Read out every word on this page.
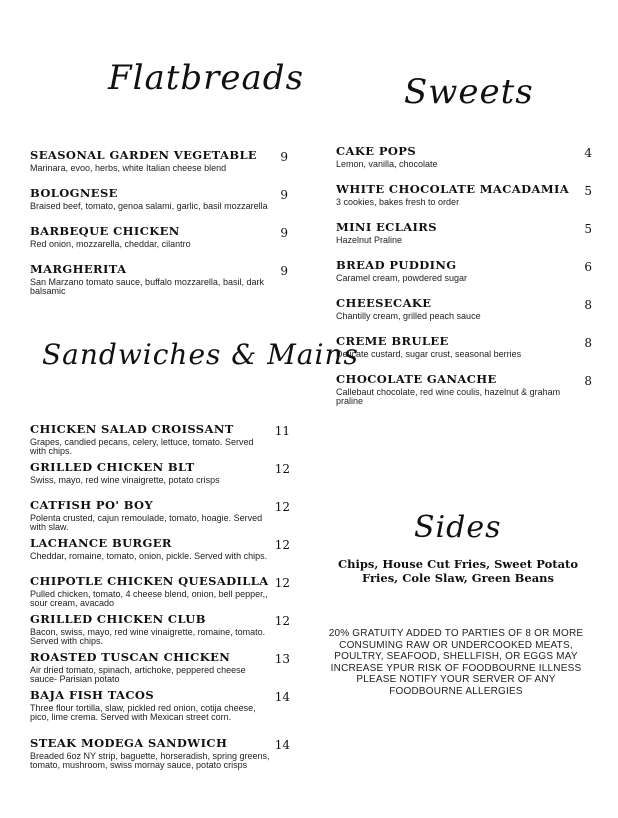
Flatbreads
SEASONAL GARDEN VEGETABLE
Marinara, evoo, herbs, white Italian cheese blend
9
BOLOGNESE
Braised beef, tomato, genoa salami, garlic, basil mozzarella
9
BARBEQUE CHICKEN
Red onion, mozzarella, cheddar, cilantro
9
MARGHERITA
San Marzano tomato sauce, buffalo mozzarella, basil, dark balsamic
9
Sandwiches & Mains
CHICKEN SALAD CROISSANT
Grapes, candied pecans, celery, lettuce, tomato. Served with chips.
11
GRILLED CHICKEN BLT
Swiss, mayo, red wine vinaigrette, potato crisps
12
CATFISH PO' BOY
Polenta crusted, cajun remoulade, tomato, hoagie. Served with slaw.
12
LACHANCE BURGER
Cheddar, romaine, tomato, onion, pickle. Served with chips.
12
CHIPOTLE CHICKEN QUESADILLA
Pulled chicken, tomato, 4 cheese blend, onion, bell pepper,, sour cream, avacado
12
GRILLED CHICKEN CLUB
Bacon, swiss, mayo, red wine vinaigrette, romaine, tomato. Served with chips.
12
ROASTED TUSCAN CHICKEN
Air dried tomato, spinach, artichoke, peppered cheese sauce- Parisian potato
13
BAJA FISH TACOS
Three flour tortilla, slaw, pickled red onion, cotija cheese, pico, lime crema. Served with Mexican street corn.
14
STEAK MODEGA SANDWICH
Breaded 6oz NY strip, baguette, horseradish, spring greens, tomato, mushroom, swiss mornay sauce, potato crisps
14
Sweets
CAKE POPS
Lemon, vanilla, chocolate
4
WHITE CHOCOLATE MACADAMIA
3 cookies, bakes fresh to order
5
MINI ECLAIRS
Hazelnut Praline
5
BREAD PUDDING
Caramel cream, powdered sugar
6
CHEESECAKE
Chantilly cream, grilled peach sauce
8
CREME BRULEE
Delicate custard, sugar crust, seasonal berries
8
CHOCOLATE GANACHE
Callebaut chocolate, red wine coulis, hazelnut & graham praline
8
Sides
Chips, House Cut Fries, Sweet Potato
Fries, Cole Slaw, Green Beans
20% GRATUITY ADDED TO PARTIES OF 8 OR MORE
CONSUMING RAW OR UNDERCOOKED MEATS,
POULTRY, SEAFOOD, SHELLFISH, OR EGGS MAY
INCREASE YPUR RISK OF FOODBOURNE ILLNESS
PLEASE NOTIFY YOUR SERVER OF ANY
FOODBOURNE ALLERGIES
